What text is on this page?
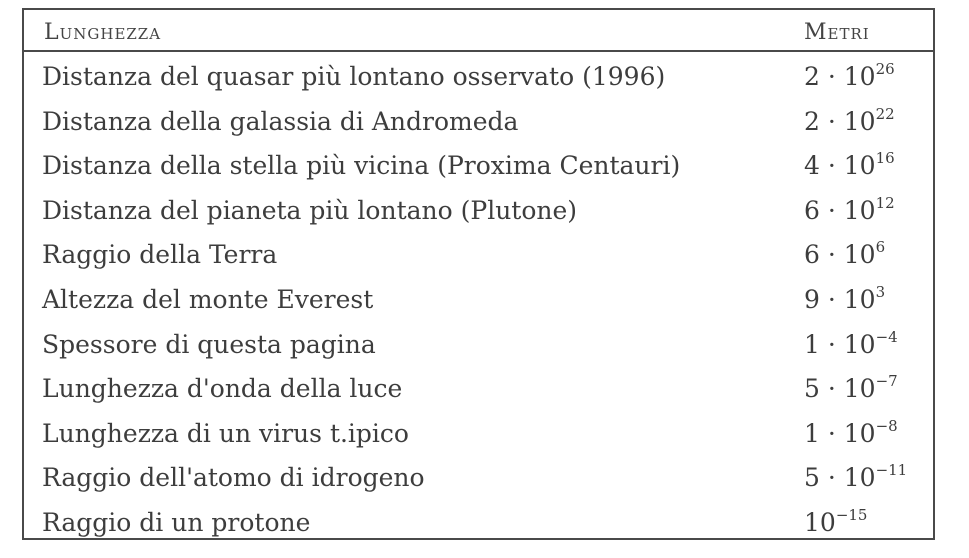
Lunghezza	Metri
Distanza del quasar più lontano osservato (1996)	$2 \cdot 10^{26}$
Distanza della galassia di Andromeda	$2 \cdot 10^{22}$
Distanza della stella più vicina (Proxima Centauri)	$4 \cdot 10^{16}$
Distanza del pianeta più lontano (Plutone)	$6 \cdot 10^{12}$
Raggio della Terra	$6 \cdot 10^6$
Altezza del monte Everest	$9 \cdot 10^3$
Spessore di questa pagina	$1 \cdot 10^{-4}$
Lunghezza d'onda della luce	$5 \cdot 10^{-7}$
Lunghezza di un virus t.ipico	$1 \cdot 10^{-8}$
Raggio dell'atomo di idrogeno	$5 \cdot 10^{-11}$
Raggio di un protone	$10^{-15}$
